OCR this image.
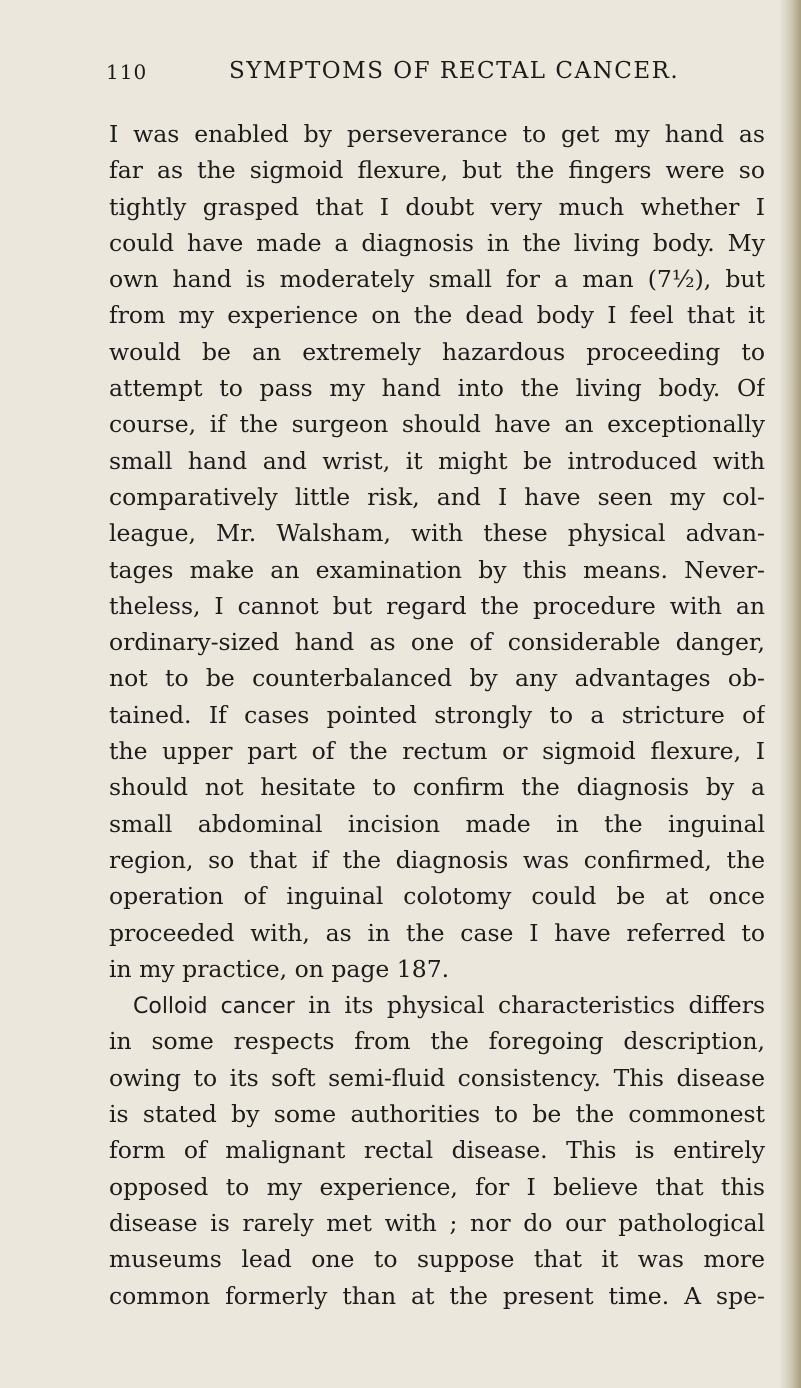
110	SYMPTOMS OF RECTAL CANCER.
I was enabled by perseverance to get my hand as
far as the sigmoid flexure, but the fingers were so
tightly grasped that I doubt very much whether I
could have made a diagnosis in the living body. My
own hand is moderately small for a man (7½), but
from my experience on the dead body I feel that it
would be an extremely hazardous proceeding to
attempt to pass my hand into the living body. Of
course, if the surgeon should have an exceptionally
small hand and wrist, it might be introduced with
comparatively little risk, and I have seen my col-
league, Mr. Walsham, with these physical advan-
tages make an examination by this means. Never-
theless, I cannot but regard the procedure with an
ordinary-sized hand as one of considerable danger,
not to be counterbalanced by any advantages ob-
tained. If cases pointed strongly to a stricture of
the upper part of the rectum or sigmoid flexure, I
should not hesitate to confirm the diagnosis by a
small abdominal incision made in the inguinal
region, so that if the diagnosis was confirmed, the
operation of inguinal colotomy could be at once
proceeded with, as in the case I have referred to
in my practice, on page 187.
Colloid cancer in its physical characteristics differs
in some respects from the foregoing description,
owing to its soft semi-fluid consistency. This disease
is stated by some authorities to be the commonest
form of malignant rectal disease. This is entirely
opposed to my experience, for I believe that this
disease is rarely met with ; nor do our pathological
museums lead one to suppose that it was more
common formerly than at the present time. A spe-
